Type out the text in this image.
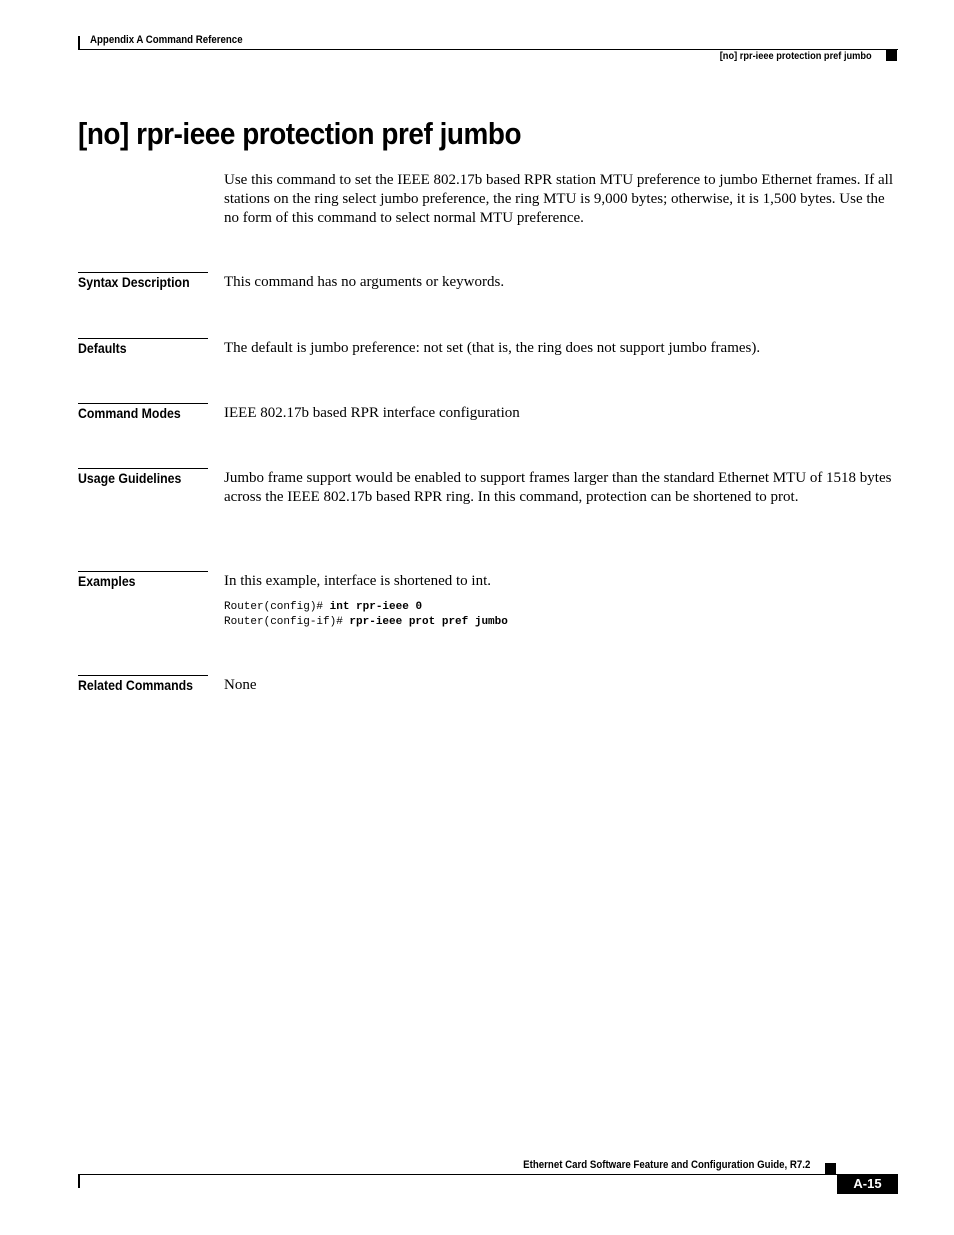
Appendix A Command Reference
[no] rpr-ieee protection pref jumbo
[no] rpr-ieee protection pref jumbo

Use this command to set the IEEE 802.17b based RPR station MTU preference to jumbo Ethernet frames. If all stations on the ring select jumbo preference, the ring MTU is 9,000 bytes; otherwise, it is 1,500 bytes. Use the no form of this command to select normal MTU preference.

Syntax Description This command has no arguments or keywords.

Defaults	The default is jumbo preference: not set (that is, the ring does not support jumbo frames).

Command Modes	IEEE 802.17b based RPR interface configuration

Usage Guidelines	Jumbo frame support would be enabled to support frames larger than the standard Ethernet MTU of 1518 bytes across the IEEE 802.17b based RPR ring. In this command, protection can be shortened to prot.

Examples	In this example, interface is shortened to int.

Router(config)# int rpr-ieee 0
Router(config-if)# rpr-ieee prot pref jumbo
Related Commands None

Ethernet Card Software Feature and Configuration Guide, R7.2
A-15
